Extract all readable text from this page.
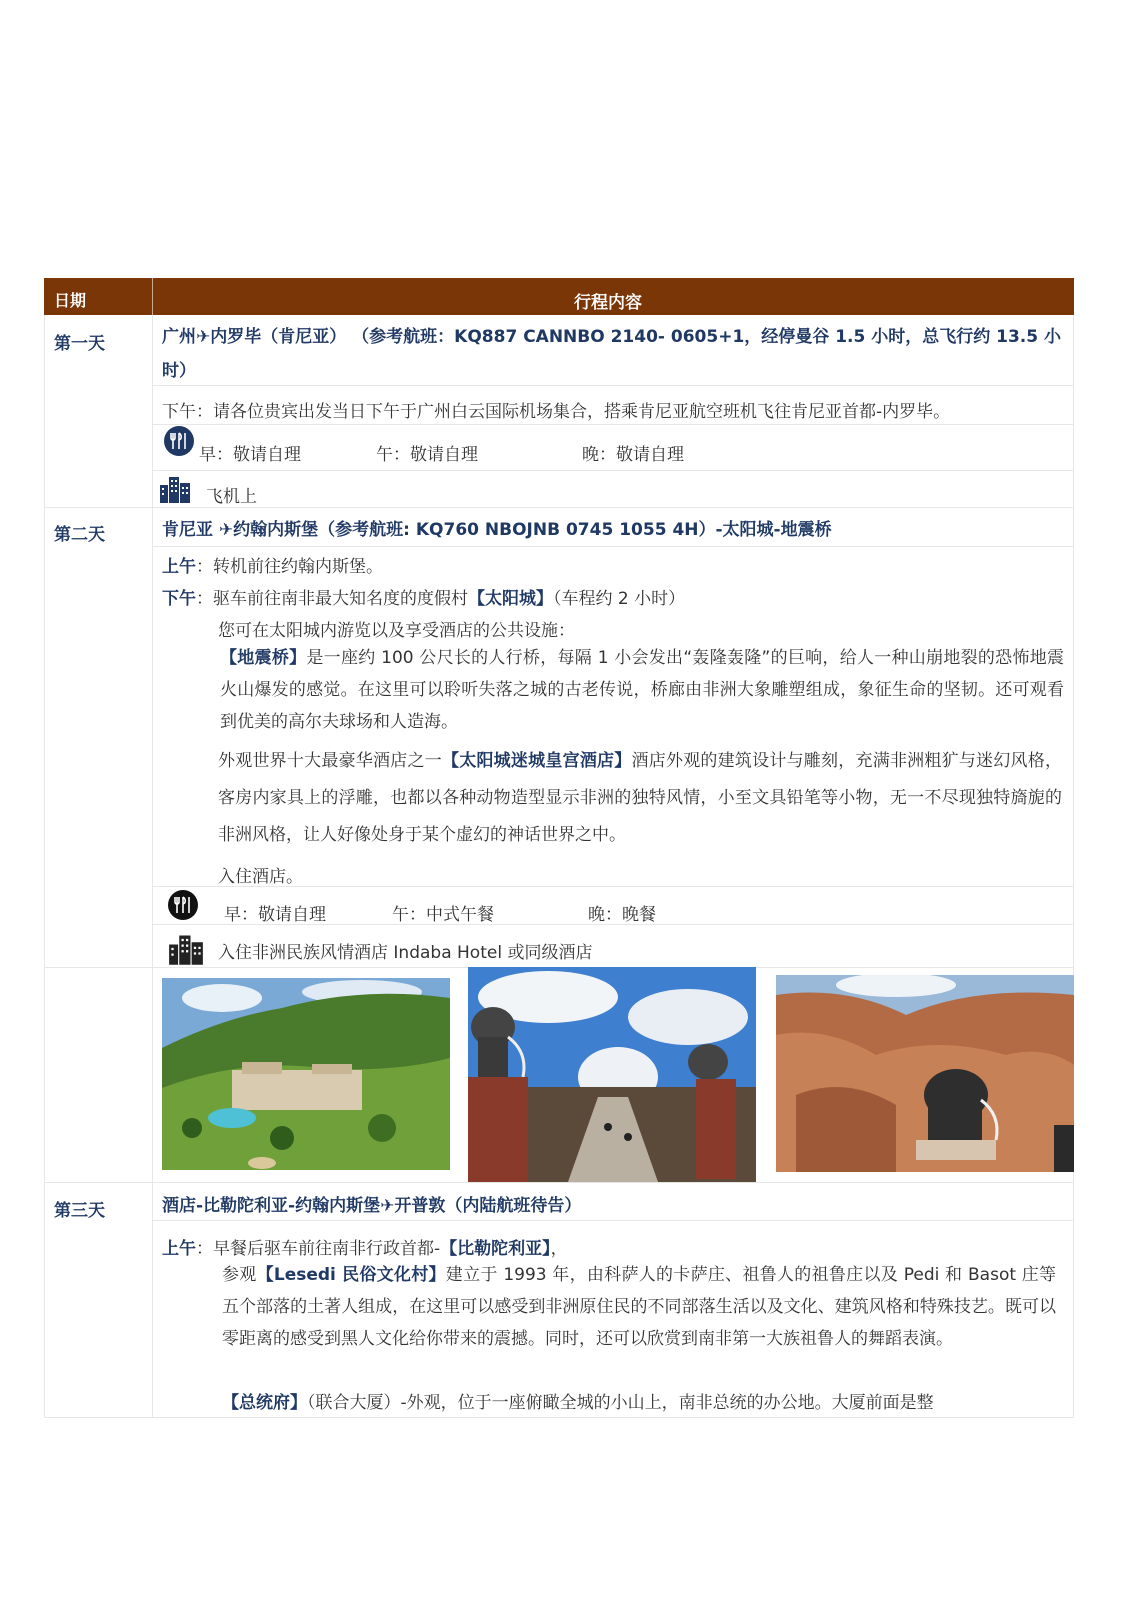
日期	行程内容
第一天	广州✈内罗毕（肯尼亚） （参考航班：KQ887 CANNBO 2140- 0605+1，经停曼谷 1.5 小时，总飞行约 13.5 小时）
下午：请各位贵宾出发当日下午于广州白云国际机场集合，搭乘肯尼亚航空班机飞往肯尼亚首都-内罗毕。
早：敬请自理	午：敬请自理	晚：敬请自理
飞机上
第二天	肯尼亚 ✈约翰内斯堡（参考航班: KQ760 NBOJNB 0745 1055 4H）-太阳城-地震桥
上午：转机前往约翰内斯堡。
下午：驱车前往南非最大知名度的度假村【太阳城】（车程约 2 小时）
您可在太阳城内游览以及享受酒店的公共设施：
【地震桥】是一座约 100 公尺长的人行桥，每隔 1 小会发出“轰隆轰隆”的巨响，给人一种山崩地裂的恐怖地震火山爆发的感觉。在这里可以聆听失落之城的古老传说，桥廊由非洲大象雕塑组成，象征生命的坚韧。还可观看到优美的高尔夫球场和人造海。
外观世界十大最豪华酒店之一【太阳城迷城皇宫酒店】酒店外观的建筑设计与雕刻，充满非洲粗犷与迷幻风格，客房内家具上的浮雕，也都以各种动物造型显示非洲的独特风情，小至文具铅笔等小物，无一不尽现独特旖旎的非洲风格，让人好像处身于某个虚幻的神话世界之中。
入住酒店。
早：敬请自理	午：中式午餐	晚：晚餐
入住非洲民族风情酒店 Indaba Hotel 或同级酒店
第三天	酒店-比勒陀利亚-约翰内斯堡✈开普敦（内陆航班待告）
上午：早餐后驱车前往南非行政首都-【比勒陀利亚】，
参观【Lesedi 民俗文化村】建立于 1993 年，由科萨人的卡萨庄、祖鲁人的祖鲁庄以及 Pedi 和 Basot 庄等五个部落的土著人组成，在这里可以感受到非洲原住民的不同部落生活以及文化、建筑风格和特殊技艺。既可以零距离的感受到黑人文化给你带来的震撼。同时，还可以欣赏到南非第一大族祖鲁人的舞蹈表演。
【总统府】（联合大厦）-外观，位于一座俯瞰全城的小山上，南非总统的办公地。大厦前面是整
